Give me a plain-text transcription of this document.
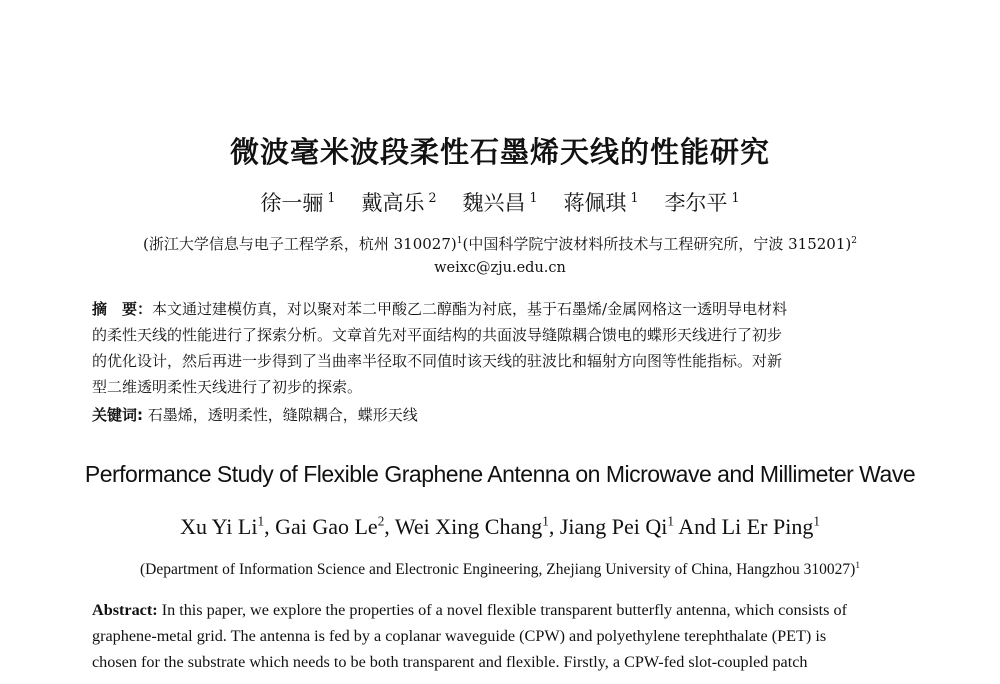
微波毫米波段柔性石墨烯天线的性能研究
徐一骊 $^1$ 戴高乐 $^2$ 魏兴昌 $^1$ 蒋佩琪 $^1$ 李尔平 $^1$
(浙江大学信息与电子工程学系，杭州 310027)$^1$(中国科学院宁波材料所技术与工程研究所，宁波 315201)$^2$
weixc@zju.edu.cn
摘　要：本文通过建模仿真，对以聚对苯二甲酸乙二醇酯为衬底，基于石墨烯/金属网格这一透明导电材料
的柔性天线的性能进行了探索分析。文章首先对平面结构的共面波导缝隙耦合馈电的蝶形天线进行了初步
的优化设计，然后再进一步得到了当曲率半径取不同值时该天线的驻波比和辐射方向图等性能指标。对新
型二维透明柔性天线进行了初步的探索。
关键词: 石墨烯，透明柔性，缝隙耦合，蝶形天线
Performance Study of Flexible Graphene Antenna on Microwave and Millimeter Wave
Xu Yi Li$^1$, Gai Gao Le$^2$, Wei Xing Chang$^1$, Jiang Pei Qi$^1$ And Li Er Ping$^1$
(Department of Information Science and Electronic Engineering, Zhejiang University of China, Hangzhou 310027)$^1$
Abstract: In this paper, we explore the properties of a novel flexible transparent butterfly antenna, which consists of
graphene-metal grid. The antenna is fed by a coplanar waveguide (CPW) and polyethylene terephthalate (PET) is
chosen for the substrate which needs to be both transparent and flexible. Firstly, a CPW-fed slot-coupled patch
